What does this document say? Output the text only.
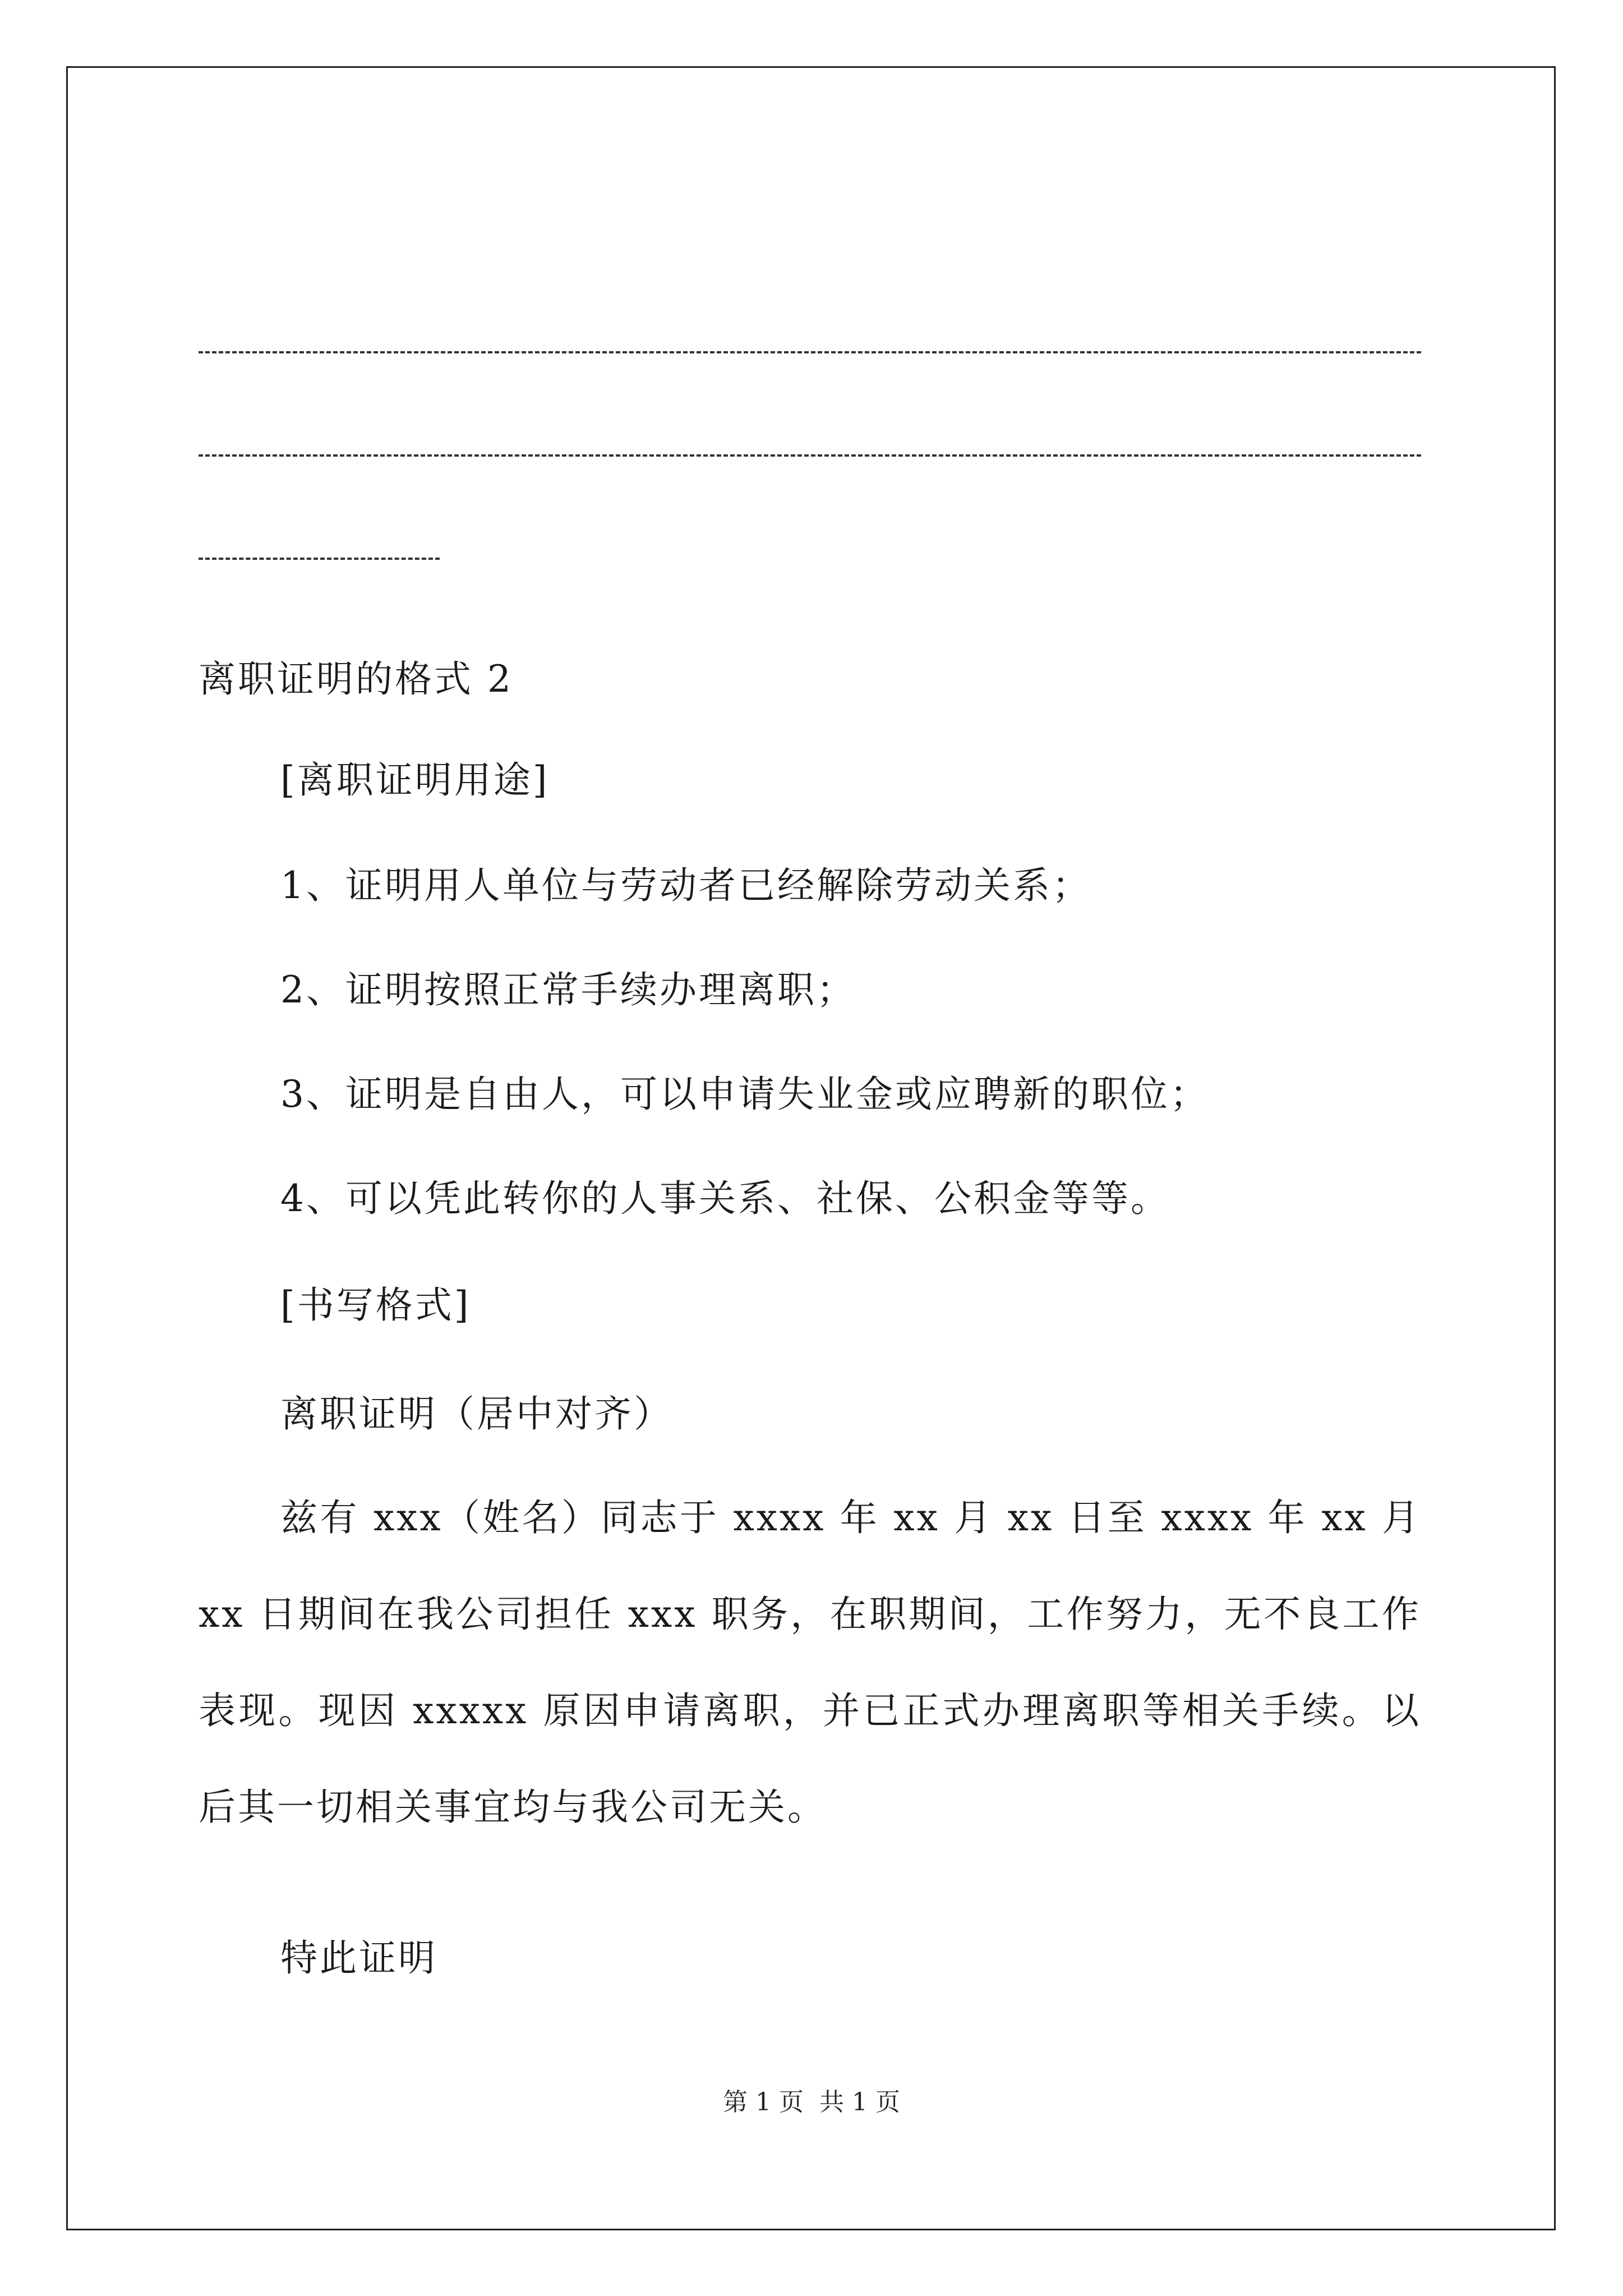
离职证明的格式 2
[离职证明用途]
1、证明用人单位与劳动者已经解除劳动关系；
2、证明按照正常手续办理离职；
3、证明是自由人，可以申请失业金或应聘新的职位；
4、可以凭此转你的人事关系、社保、公积金等等。
[书写格式]
离职证明（居中对齐）
兹有 xxx（姓名）同志于 xxxx 年 xx 月 xx 日至 xxxx 年 xx 月 xx 日期间在我公司担任 xxx 职务，在职期间，工作努力，无不良工作表现。现因 xxxxx 原因申请离职，并已正式办理离职等相关手续。以后其一切相关事宜均与我公司无关。
特此证明
第 1 页 共 1 页
